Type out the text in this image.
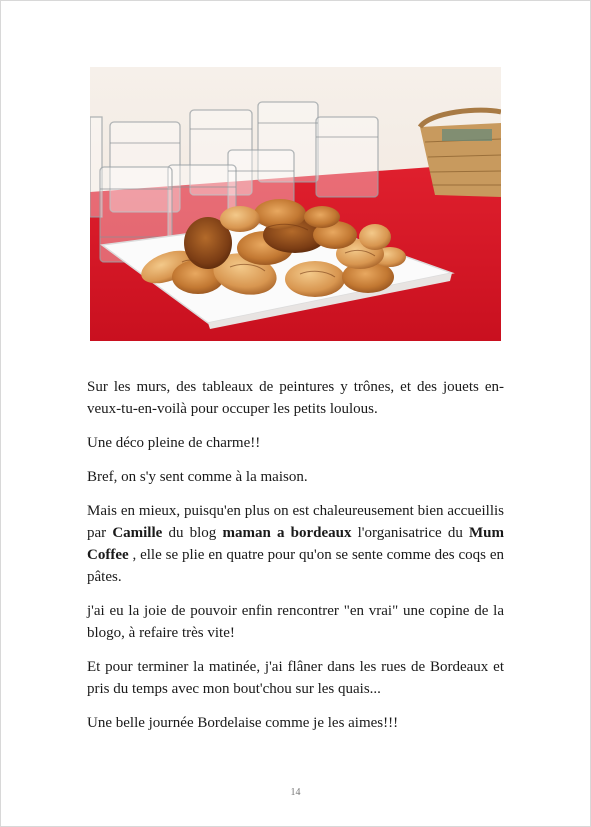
Sur les murs, des tableaux de peintures y trônes, et des jouets en-veux-tu-en-voilà pour occuper les petits loulous.

Une déco pleine de charme!!

Bref, on s'y sent comme à la maison.

Mais en mieux, puisqu'en plus on est chaleureusement bien accueillis par Camille du blog maman a bordeaux l'organisatrice du Mum Coffee , elle se plie en quatre pour qu'on se sente comme des coqs en pâtes.

j'ai eu la joie de pouvoir enfin rencontrer "en vrai" une copine de la blogo, à refaire très vite!

Et pour terminer la matinée, j'ai flâner dans les rues de Bordeaux et pris du temps avec mon bout'chou sur les quais...

Une belle journée Bordelaise comme je les aimes!!!

14
